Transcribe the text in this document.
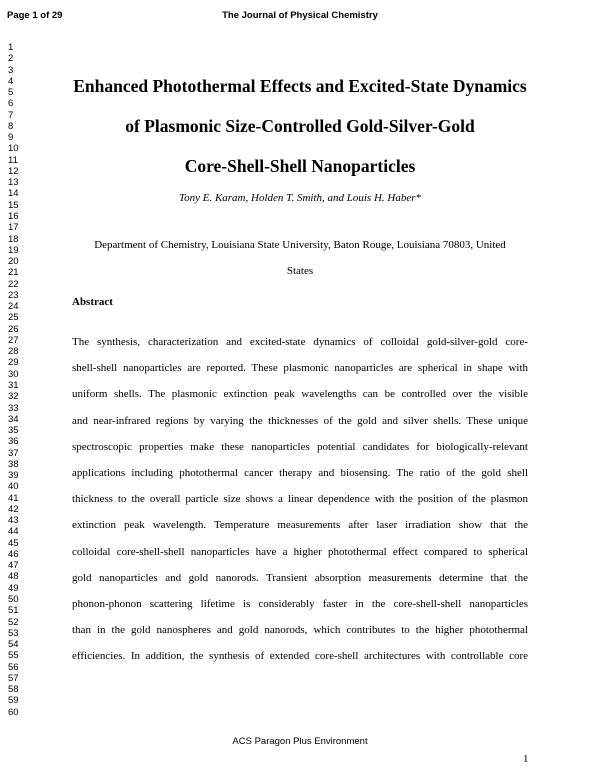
Page 1 of 29	The Journal of Physical Chemistry
1
2
3
4
5
6
7
8
9
10
11
12
13
14
15
16
17
18
19
20
21
22
23
24
25
26
27
28
29
30
31
32
33
34
35
36
37
38
39
40
41
42
43
44
45
46
47
48
49
50
51
52
53
54
55
56
57
58
59
60
Enhanced Photothermal Effects and Excited-State Dynamics
of Plasmonic Size-Controlled Gold-Silver-Gold
Core-Shell-Shell Nanoparticles
Tony E. Karam, Holden T. Smith, and Louis H. Haber*
Department of Chemistry, Louisiana State University, Baton Rouge, Louisiana 70803, United
States
Abstract
The synthesis, characterization and excited-state dynamics of colloidal gold-silver-gold core-
shell-shell nanoparticles are reported. These plasmonic nanoparticles are spherical in shape with
uniform shells. The plasmonic extinction peak wavelengths can be controlled over the visible
and near-infrared regions by varying the thicknesses of the gold and silver shells. These unique
spectroscopic properties make these nanoparticles potential candidates for biologically-relevant
applications including photothermal cancer therapy and biosensing. The ratio of the gold shell
thickness to the overall particle size shows a linear dependence with the position of the plasmon
extinction peak wavelength. Temperature measurements after laser irradiation show that the
colloidal core-shell-shell nanoparticles have a higher photothermal effect compared to spherical
gold nanoparticles and gold nanorods. Transient absorption measurements determine that the
phonon-phonon scattering lifetime is considerably faster in the core-shell-shell nanoparticles
than in the gold nanospheres and gold nanorods, which contributes to the higher photothermal
efficiencies. In addition, the synthesis of extended core-shell architectures with controllable core
ACS Paragon Plus Environment
1
